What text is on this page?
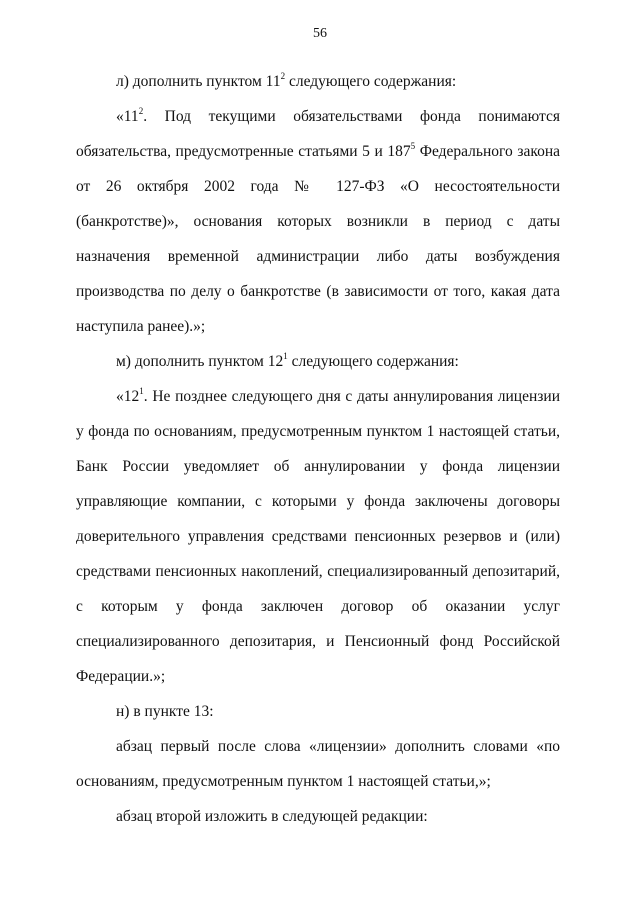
56

л) дополнить пунктом $11^2$ следующего содержания:

«$11^2$. Под текущими обязательствами фонда понимаются обязательства, предусмотренные статьями 5 и $187^5$ Федерального закона от 26 октября 2002 года № 127-ФЗ «О несостоятельности (банкротстве)», основания которых возникли в период с даты назначения временной администрации либо даты возбуждения производства по делу о банкротстве (в зависимости от того, какая дата наступила ранее).»;

м) дополнить пунктом $12^1$ следующего содержания:

«$12^1$. Не позднее следующего дня с даты аннулирования лицензии у фонда по основаниям, предусмотренным пунктом 1 настоящей статьи, Банк России уведомляет об аннулировании у фонда лицензии управляющие компании, с которыми у фонда заключены договоры доверительного управления средствами пенсионных резервов и (или) средствами пенсионных накоплений, специализированный депозитарий, с которым у фонда заключен договор об оказании услуг специализированного депозитария, и Пенсионный фонд Российской Федерации.»;

н) в пункте 13:

абзац первый после слова «лицензии» дополнить словами «по основаниям, предусмотренным пунктом 1 настоящей статьи,»;

абзац второй изложить в следующей редакции:
